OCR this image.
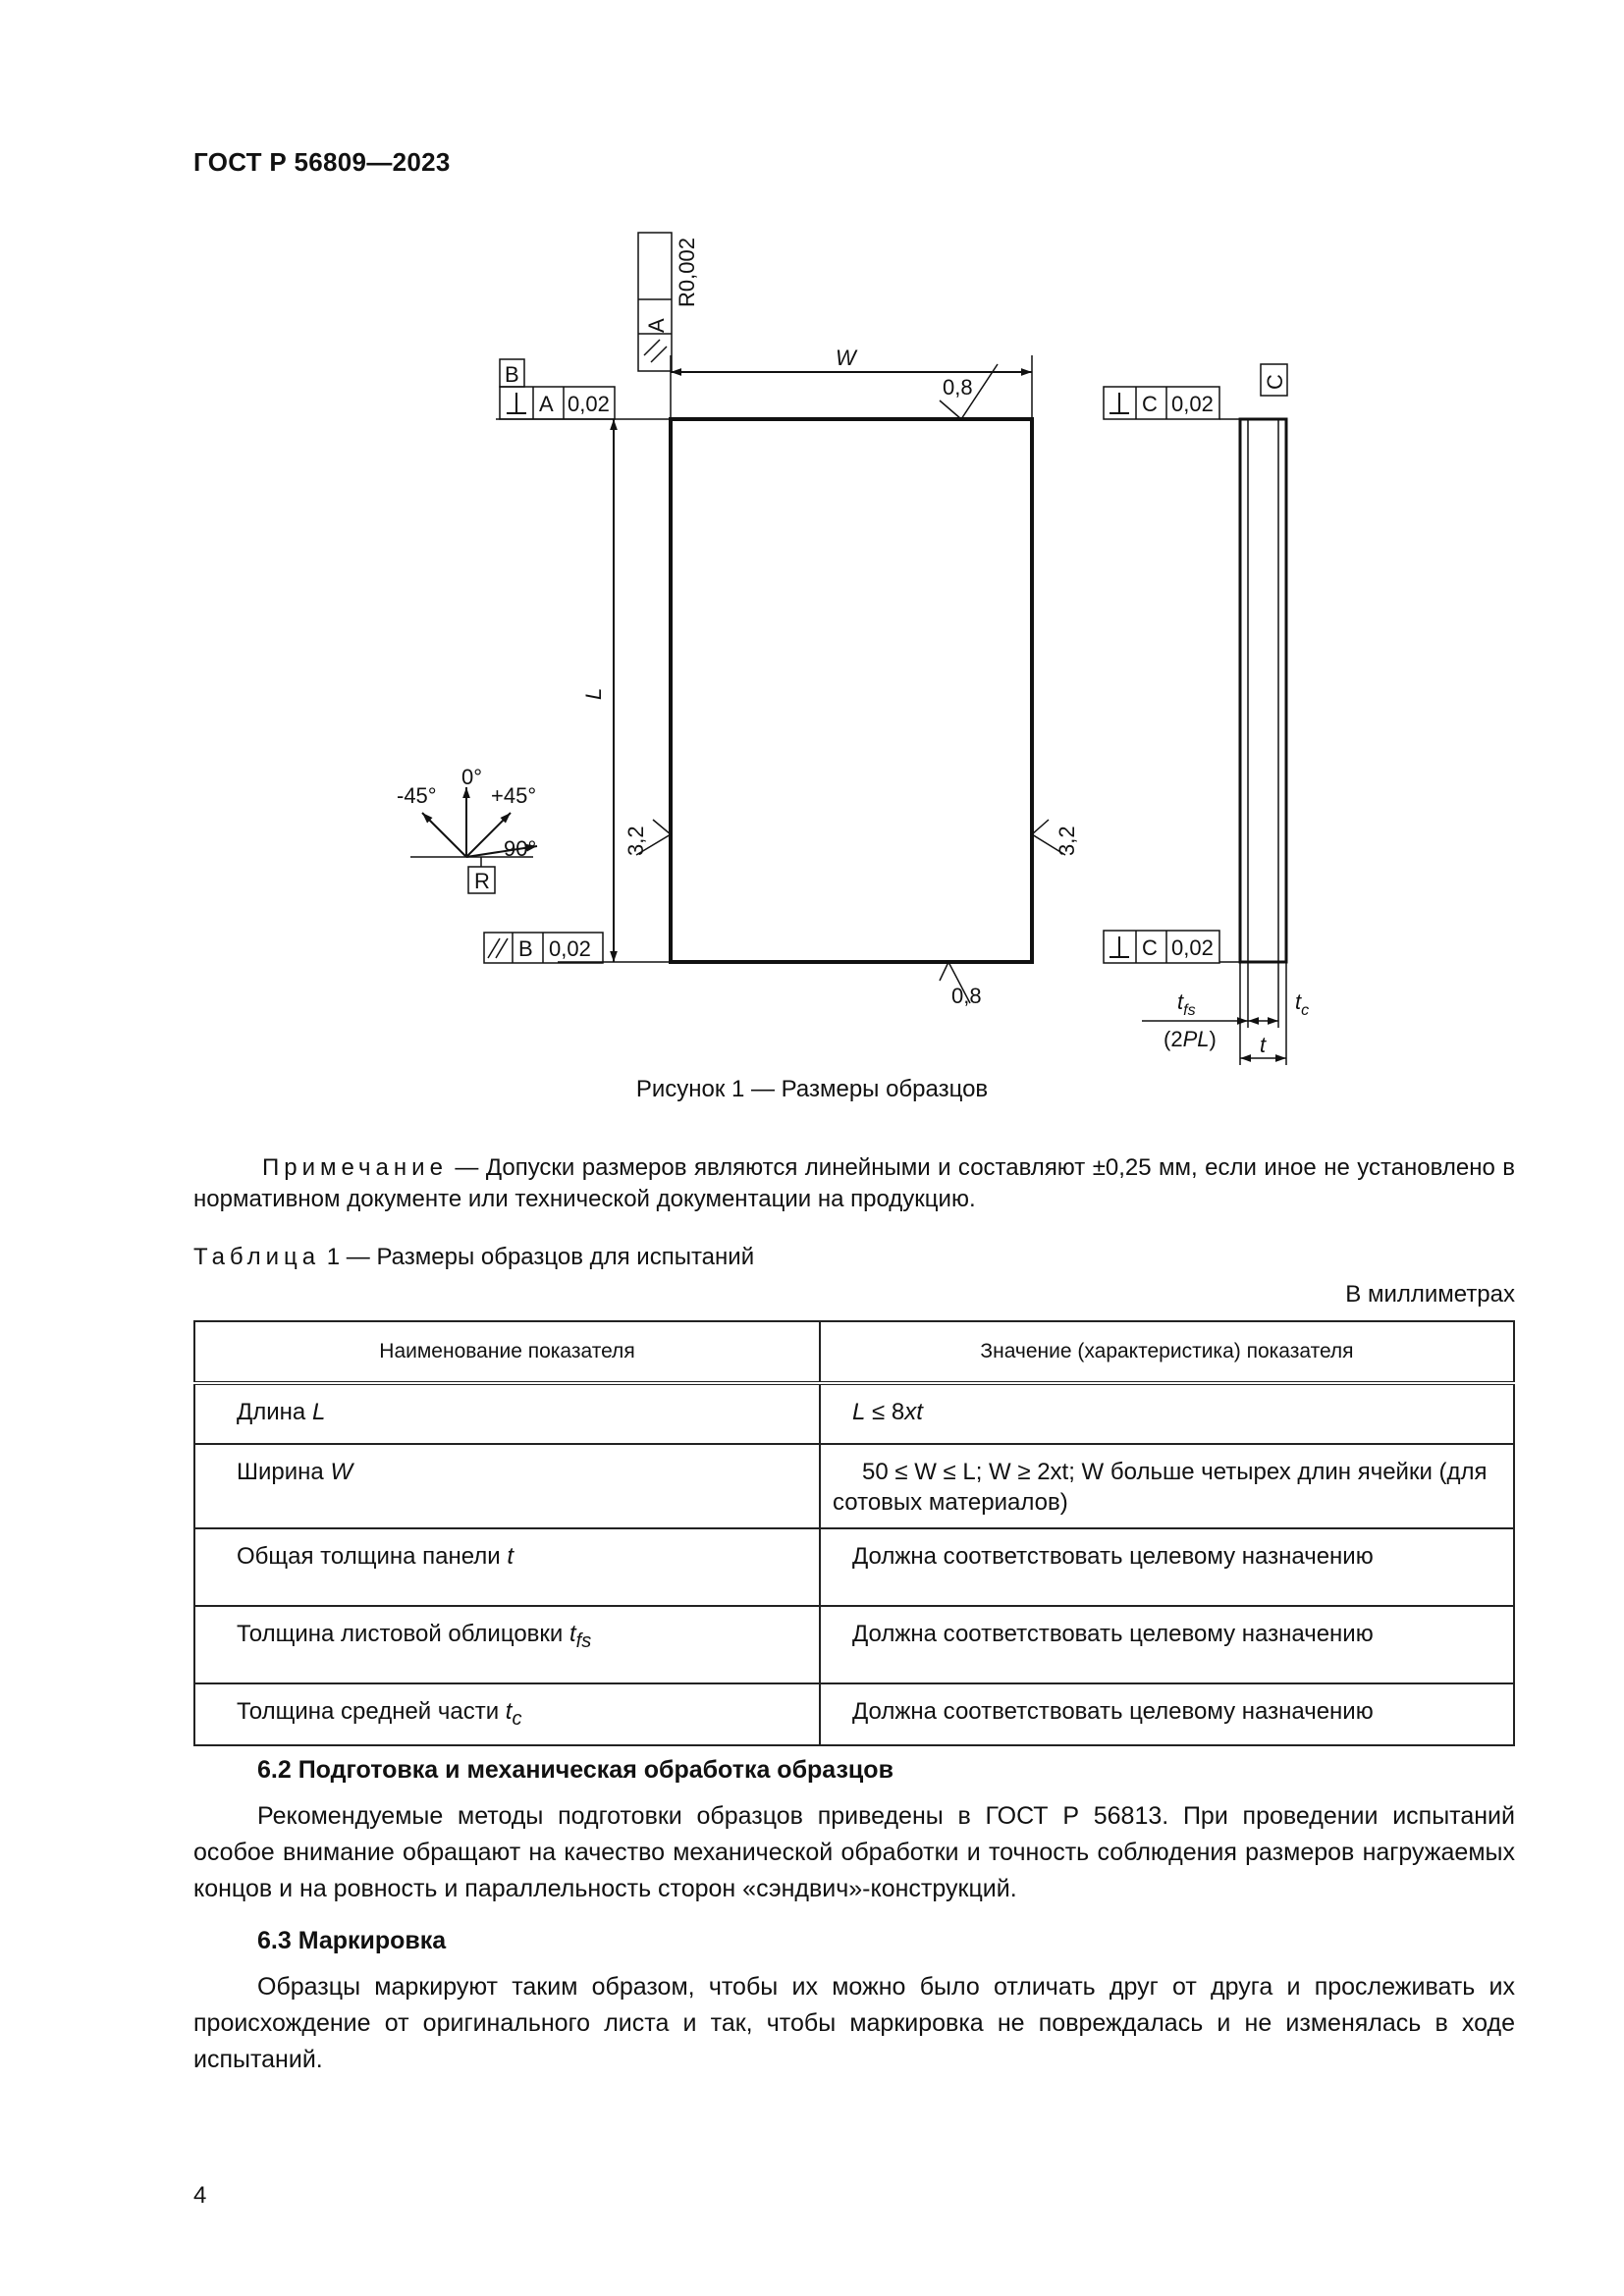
ГОСТ Р 56809—2023
W
L
0,8
0,8
3,2	3,2
R0,002
A
B
A 0,02
B 0,02
C 0,02
C 0,02
C
R
0°
-45°	+45°
90°
$t_{fs}$
(2PL)
$t_c$
t
Рисунок 1 — Размеры образцов
Примечание — Допуски размеров являются линейными и составляют ±0,25 мм, если иное не установлено в нормативном документе или технической документации на продукцию.
Таблица 1 — Размеры образцов для испытаний
В миллиметрах
Наименование показателя	Значение (характеристика) показателя
Длина L	L ≤ 8xt
Ширина W	50 ≤ W ≤ L; W ≥ 2xt; W больше четырех длин ячейки (для сотовых материалов)
Общая толщина панели t	Должна соответствовать целевому назначению
Толщина листовой облицовки $t_{fs}$	Должна соответствовать целевому назначению
Толщина средней части $t_c$	Должна соответствовать целевому назначению
6.2 Подготовка и механическая обработка образцов
Рекомендуемые методы подготовки образцов приведены в ГОСТ Р 56813. При проведении испытаний особое внимание обращают на качество механической обработки и точность соблюдения размеров нагружаемых концов и на ровность и параллельность сторон «сэндвич»-конструкций.
6.3 Маркировка
Образцы маркируют таким образом, чтобы их можно было отличать друг от друга и прослеживать их происхождение от оригинального листа и так, чтобы маркировка не повреждалась и не изменялась в ходе испытаний.
4
